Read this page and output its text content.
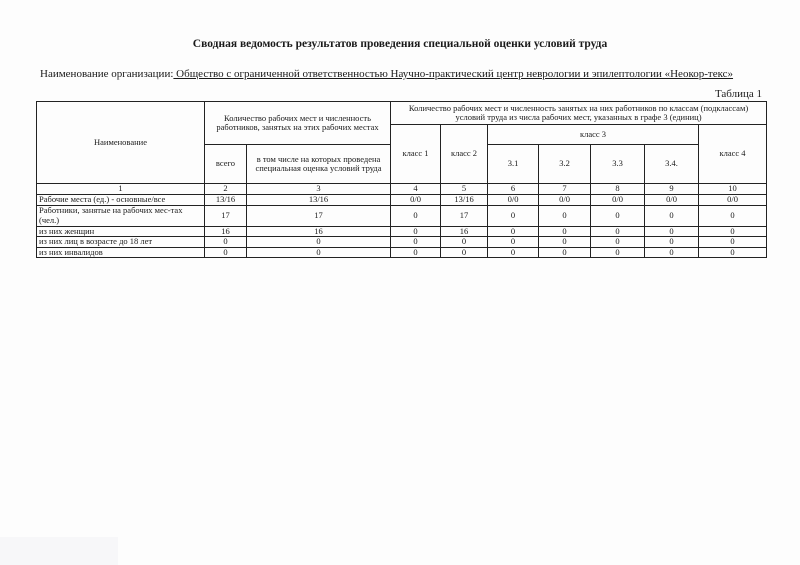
Сводная ведомость результатов проведения специальной оценки условий труда
Наименование организации: Общество с ограниченной ответственностью Научно-практический центр неврологии и эпилептологии «Неокор-текс»
Таблица 1
Наименование	Количество рабочих мест и численность работников, занятых на этих рабочих местах		Количество рабочих мест и численность занятых на них работников по классам (подклассам) условий труда из числа рабочих мест, указанных в графе 3 (единиц)						
			класс 1	класс 2	класс 3				класс 4
	всего	в том числе на которых проведена специальная оценка условий труда			3.1	3.2	3.3	3.4.	
1	2	3	4	5	6	7	8	9	10
Рабочие места (ед.) - основные/все	13/16	13/16	0/0	13/16	0/0	0/0	0/0	0/0	0/0
Работники, занятые на рабочих мес-тах (чел.)	17	17	0	17	0	0	0	0	0
из них женщин	16	16	0	16	0	0	0	0	0
из них лиц в возрасте до 18 лет	0	0	0	0	0	0	0	0	0
из них инвалидов	0	0	0	0	0	0	0	0	0
